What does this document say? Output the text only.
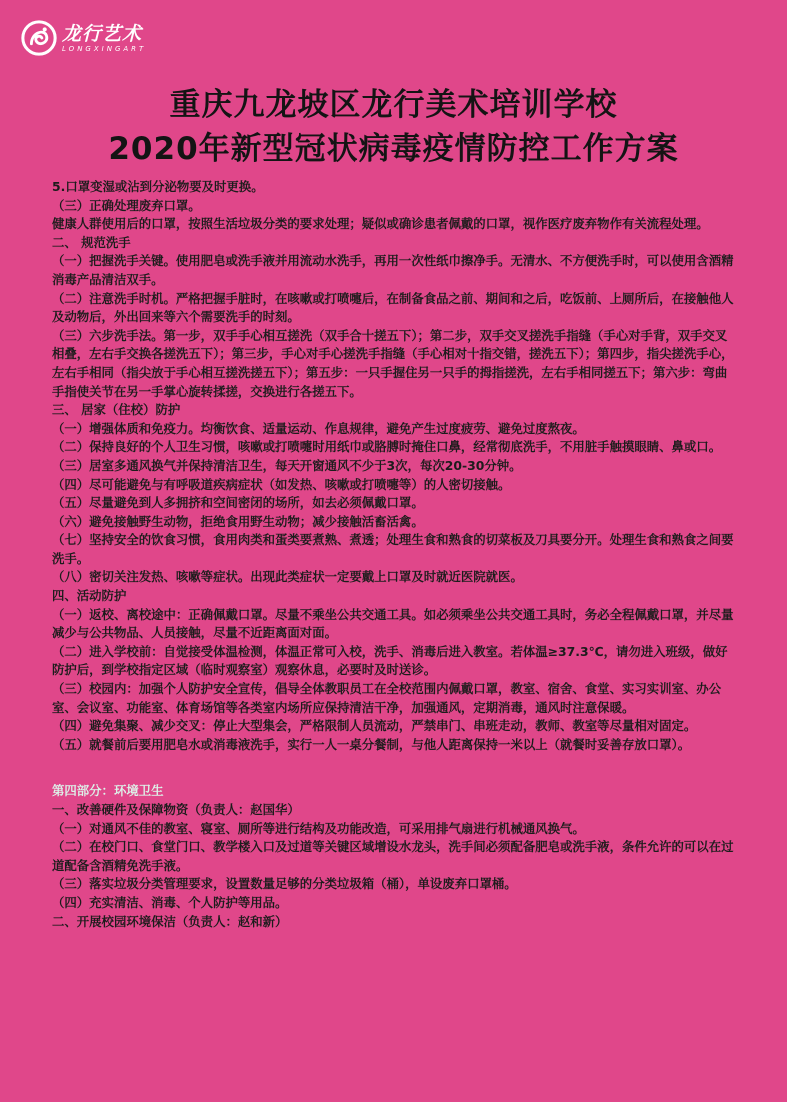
龙行艺术
LONGXINGART
重庆九龙坡区龙行美术培训学校
2020年新型冠状病毒疫情防控工作方案

5.口罩变湿或沾到分泌物要及时更换。

（三）正确处理废弃口罩。

健康人群使用后的口罩，按照生活垃圾分类的要求处理；疑似或确诊患者佩戴的口罩，视作医疗废弃物作有关流程处理。

二、 规范洗手

（一）把握洗手关键。使用肥皂或洗手液并用流动水洗手，再用一次性纸巾擦净手。无清水、不方便洗手时，可以使用含酒精消毒产品清洁双手。

（二）注意洗手时机。严格把握手脏时，在咳嗽或打喷嚏后，在制备食品之前、期间和之后，吃饭前、上厕所后，在接触他人及动物后，外出回来等六个需要洗手的时刻。

（三）六步洗手法。第一步，双手手心相互搓洗（双手合十搓五下）；第二步，双手交叉搓洗手指缝（手心对手背，双手交叉相叠，左右手交换各搓洗五下）；第三步，手心对手心搓洗手指缝（手心相对十指交错，搓洗五下）；第四步，指尖搓洗手心，左右手相同（指尖放于手心相互搓洗搓五下）；第五步：一只手握住另一只手的拇指搓洗，左右手相同搓五下；第六步：弯曲手指使关节在另一手掌心旋转揉搓，交换进行各搓五下。

三、 居家（住校）防护

（一）增强体质和免疫力。均衡饮食、适量运动、作息规律，避免产生过度疲劳、避免过度熬夜。

（二）保持良好的个人卫生习惯，咳嗽或打喷嚏时用纸巾或胳膊时掩住口鼻，经常彻底洗手，不用脏手触摸眼睛、鼻或口。

（三）居室多通风换气并保持清洁卫生，每天开窗通风不少于3次，每次20-30分钟。

（四）尽可能避免与有呼吸道疾病症状（如发热、咳嗽或打喷嚏等）的人密切接触。

（五）尽量避免到人多拥挤和空间密闭的场所，如去必须佩戴口罩。

（六）避免接触野生动物，拒绝食用野生动物；减少接触活畜活禽。

（七）坚持安全的饮食习惯，食用肉类和蛋类要煮熟、煮透；处理生食和熟食的切菜板及刀具要分开。处理生食和熟食之间要洗手。

（八）密切关注发热、咳嗽等症状。出现此类症状一定要戴上口罩及时就近医院就医。

四、活动防护

（一）返校、离校途中：正确佩戴口罩。尽量不乘坐公共交通工具。如必须乘坐公共交通工具时，务必全程佩戴口罩，并尽量减少与公共物品、人员接触，尽量不近距离面对面。

（二）进入学校前：自觉接受体温检测，体温正常可入校，洗手、消毒后进入教室。若体温≥37.3℃，请勿进入班级，做好防护后，到学校指定区域（临时观察室）观察休息，必要时及时送诊。

（三）校园内：加强个人防护安全宣传，倡导全体教职员工在全校范围内佩戴口罩，教室、宿舍、食堂、实习实训室、办公室、会议室、功能室、体育场馆等各类室内场所应保持清洁干净，加强通风，定期消毒，通风时注意保暖。

（四）避免集聚、减少交叉：停止大型集会，严格限制人员流动，严禁串门、串班走动，教师、教室等尽量相对固定。

（五）就餐前后要用肥皂水或消毒液洗手，实行一人一桌分餐制，与他人距离保持一米以上（就餐时妥善存放口罩）。

第四部分：环境卫生

一、改善硬件及保障物资（负责人：赵国华）

（一）对通风不佳的教室、寝室、厕所等进行结构及功能改造，可采用排气扇进行机械通风换气。

（二）在校门口、食堂门口、教学楼入口及过道等关键区域增设水龙头，洗手间必须配备肥皂或洗手液，条件允许的可以在过道配备含酒精免洗手液。

（三）落实垃圾分类管理要求，设置数量足够的分类垃圾箱（桶），单设废弃口罩桶。

（四）充实清洁、消毒、个人防护等用品。

二、开展校园环境保洁（负责人：赵和新）
